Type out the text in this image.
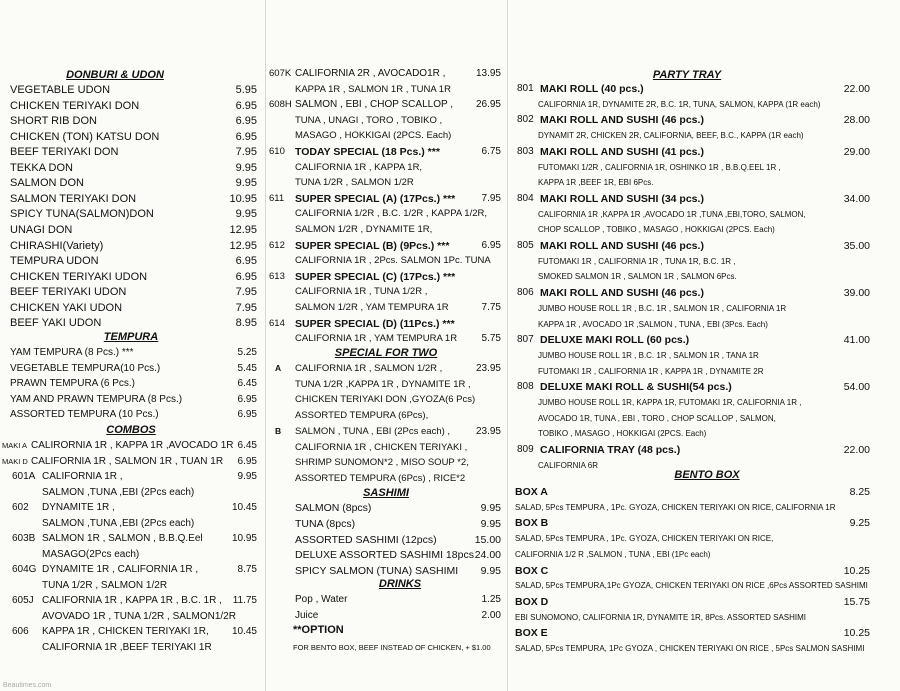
DONBURI & UDON
VEGETABLE UDON	5.95
CHICKEN TERIYAKI DON	6.95
SHORT RIB DON	6.95
CHICKEN (TON) KATSU DON	6.95
BEEF TERIYAKI DON	7.95
TEKKA DON	9.95
SALMON DON	9.95
SALMON TERIYAKI DON	10.95
SPICY TUNA(SALMON)DON	9.95
UNAGI DON	12.95
CHIRASHI(Variety)	12.95
TEMPURA UDON	6.95
CHICKEN TERIYAKI UDON	6.95
BEEF TERIYAKI UDON	7.95
CHICKEN YAKI UDON	7.95
BEEF YAKI UDON	8.95
TEMPURA
YAM TEMPURA (8 Pcs.) ***	5.25
VEGETABLE TEMPURA(10 Pcs.)	5.45
PRAWN TEMPURA (6 Pcs.)	6.45
YAM AND PRAWN TEMPURA (8 Pcs.)	6.95
ASSORTED TEMPURA (10 Pcs.)	6.95
COMBOS
MAKI A CALIRORNIA 1R , KAPPA 1R ,AVOCADO 1R 6.45
MAKI D CALIFORNIA 1R , SALMON 1R , TUAN 1R 6.95
601A CALIFORNIA 1R ,	9.95
SALMON ,TUNA ,EBI (2Pcs each)
602 DYNAMITE 1R ,	10.45
SALMON ,TUNA ,EBI (2Pcs each)
603B SALMON 1R , SALMON , B.B.Q.Eel	10.95
MASAGO(2Pcs each)
604G DYNAMITE 1R , CALIFORNIA 1R ,	8.75
TUNA 1/2R , SALMON 1/2R
605J CALIFORNIA 1R , KAPPA 1R , B.C. 1R , 11.75
AVOVADO 1R , TUNA 1/2R , SALMON1/2R
606 KAPPA 1R , CHICKEN TERIYAKI 1R, 10.45
CALIFORNIA 1R ,BEEF TERIYAKI 1R
607K CALIFORNIA 2R , AVOCADO1R ,	13.95
KAPPA 1R , SALMON 1R , TUNA 1R
608H SALMON , EBI , CHOP SCALLOP , 26.95
TUNA , UNAGI , TORO , TOBIKO ,
MASAGO , HOKKIGAI (2PCS. Each)
610 TODAY SPECIAL (18 Pcs.) ***	6.75
CALIFORNIA 1R , KAPPA 1R,
TUNA 1/2R , SALMON 1/2R
611 SUPER SPECIAL (A) (17Pcs.) ***	7.95
CALIFORNIA 1/2R , B.C. 1/2R , KAPPA 1/2R,
SALMON 1/2R , DYNAMITE 1R,
612 SUPER SPECIAL (B) (9Pcs.) ***	6.95
CALIFORNIA 1R , 2Pcs. SALMON 1Pc. TUNA
613 SUPER SPECIAL (C) (17Pcs.) ***
CALIFORNIA 1R , TUNA 1/2R ,
SALMON 1/2R , YAM TEMPURA 1R	7.75
614 SUPER SPECIAL (D) (11Pcs.) ***
CALIFORNIA 1R , YAM TEMPURA 1R 5.75
SPECIAL FOR TWO
A	23.95
CALIFORNIA 1R , SALMON 1/2R ,
TUNA 1/2R ,KAPPA 1R , DYNAMITE 1R ,
CHICKEN TERIYAKI DON ,GYOZA(6 Pcs)
ASSORTED TEMPURA (6Pcs),
B	23.95
SALMON , TUNA , EBI (2Pcs each) ,
CALIFORNIA 1R , CHICKEN TERIYAKI ,
SHRIMP SUNOMON*2 , MISO SOUP *2,
ASSORTED TEMPURA (6Pcs) , RICE*2
SASHIMI
SALMON (8pcs)	9.95
TUNA (8pcs)	9.95
ASSORTED SASHIMI (12pcs)	15.00
DELUXE ASSORTED SASHIMI 18pcs 24.00
SPICY SALMON (TUNA) SASHIMI 9.95
DRINKS
Pop , Water	1.25
Juice	2.00
**OPTION
FOR BENTO BOX, BEEF INSTEAD OF CHICKEN, + $1.00
PARTY TRAY
801 MAKI ROLL (40 pcs.)	22.00
CALIFORNIA 1R, DYNAMITE 2R, B.C. 1R, TUNA, SALMON, KAPPA (1R each)
802 MAKI ROLL AND SUSHI (46 pcs.)	28.00
DYNAMIT 2R, CHICKEN 2R, CALIFORNIA, BEEF, B.C., KAPPA (1R each)
803 MAKI ROLL AND SUSHI (41 pcs.)	29.00
FUTOMAKI 1/2R , CALIFORNIA 1R, OSHINKO 1R , B.B.Q.EEL 1R ,
KAPPA 1R ,BEEF 1R, EBI 6Pcs.
804 MAKI ROLL AND SUSHI (34 pcs.)	34.00
CALIFORNIA 1R ,KAPPA 1R ,AVOCADO 1R ,TUNA ,EBI,TORO, SALMON,
CHOP SCALLOP , TOBIKO , MASAGO , HOKKIGAI (2PCS. Each)
805 MAKI ROLL AND SUSHI (46 pcs.)	35.00
FUTOMAKI 1R , CALIFORNIA 1R , TUNA 1R, B.C. 1R ,
SMOKED SALMON 1R , SALMON 1R , SALMON 6Pcs.
806 MAKI ROLL AND SUSHI (46 pcs.)	39.00
JUMBO HOUSE ROLL 1R , B.C. 1R , SALMON 1R , CALIFORNIA 1R
KAPPA 1R , AVOCADO 1R ,SALMON , TUNA , EBI (3Pcs. Each)
807 DELUXE MAKI ROLL (60 pcs.)	41.00
JUMBO HOUSE ROLL 1R , B.C. 1R , SALMON 1R , TANA 1R
FUTOMAKI 1R , CALIFORNIA 1R , KAPPA 1R , DYNAMITE 2R
808 DELUXE MAKI ROLL & SUSHI(54 pcs.)	54.00
JUMBO HOUSE ROLL 1R, KAPPA 1R, FUTOMAKI 1R, CALIFORNIA 1R ,
AVOCADO 1R, TUNA , EBI , TORO , CHOP SCALLOP , SALMON,
TOBIKO , MASAGO , HOKKIGAI (2PCS. Each)
809 CALIFORNIA TRAY (48 pcs.)	22.00
CALIFORNIA 6R
BENTO BOX
BOX A	8.25
SALAD, 5Pcs TEMPURA , 1Pc. GYOZA, CHICKEN TERIYAKI ON RICE, CALIFORNIA 1R
BOX B	9.25
SALAD, 5Pcs TEMPURA , 1Pc. GYOZA, CHICKEN TERIYAKI ON RICE,
CALIFORNIA 1/2 R ,SALMON , TUNA , EBI (1Pc each)
BOX C	10.25
SALAD, 5Pcs TEMPURA,1Pc GYOZA, CHICKEN TERIYAKI ON RICE ,6Pcs ASSORTED SASHIMI
BOX D	15.75
EBI SUNOMONO, CALIFORNIA 1R, DYNAMITE 1R, 8Pcs. ASSORTED SASHIMI
BOX E	10.25
SALAD, 5Pcs TEMPURA, 1Pc GYOZA , CHICKEN TERIYAKI ON RICE , 5Pcs SALMON SASHIMI
Beautimes.com
